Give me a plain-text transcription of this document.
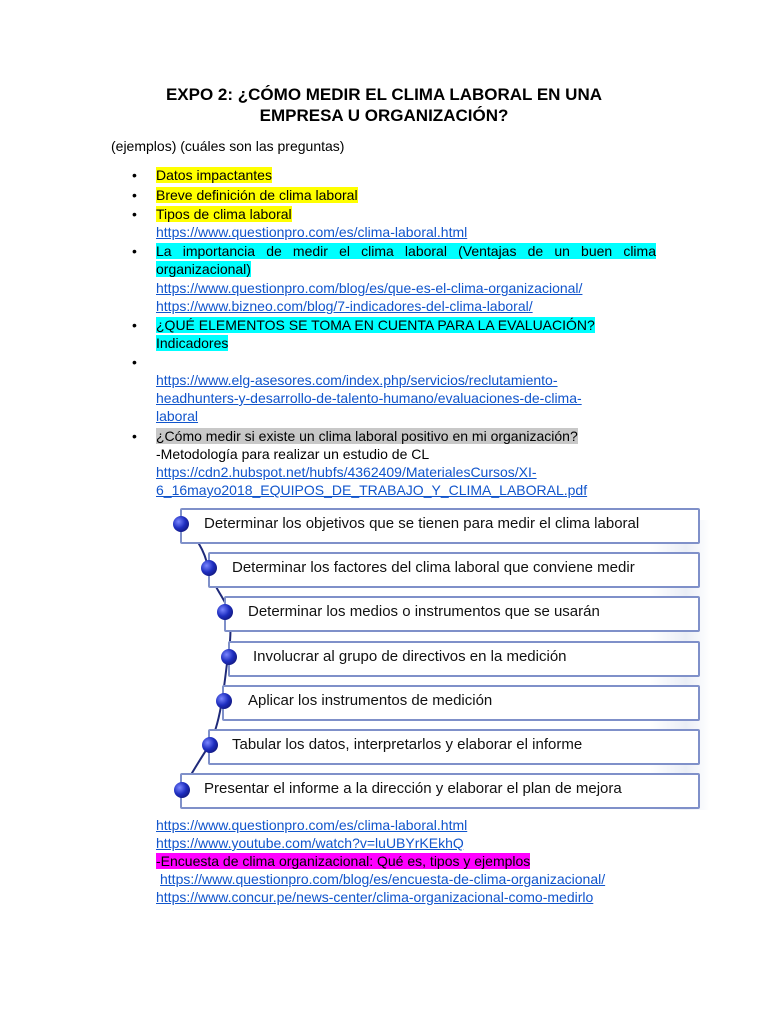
EXPO 2: ¿CÓMO MEDIR EL CLIMA LABORAL EN UNA
EMPRESA U ORGANIZACIÓN?
(ejemplos) (cuáles son las preguntas)
• Datos impactantes
• Breve definición de clima laboral
• Tipos de clima laboral
https://www.questionpro.com/es/clima-laboral.html
• La importancia de medir el clima laboral (Ventajas de un buen clima
organizacional)
https://www.questionpro.com/blog/es/que-es-el-clima-organizacional/
https://www.bizneo.com/blog/7-indicadores-del-clima-laboral/
• ¿QUÉ ELEMENTOS SE TOMA EN CUENTA PARA LA EVALUACIÓN?
Indicadores
•
https://www.elg-asesores.com/index.php/servicios/reclutamiento-
headhunters-y-desarrollo-de-talento-humano/evaluaciones-de-clima-
laboral
• ¿Cómo medir si existe un clima laboral positivo en mi organización?
-Metodología para realizar un estudio de CL
https://cdn2.hubspot.net/hubfs/4362409/MaterialesCursos/XI-
6_16mayo2018_EQUIPOS_DE_TRABAJO_Y_CLIMA_LABORAL.pdf
Determinar los objetivos que se tienen para medir el clima laboral
Determinar los factores del clima laboral que conviene medir
Determinar los medios o instrumentos que se usarán
Involucrar al grupo de directivos en la medición
Aplicar los instrumentos de medición
Tabular los datos, interpretarlos y elaborar el informe
Presentar el informe a la dirección y elaborar el plan de mejora
https://www.questionpro.com/es/clima-laboral.html
https://www.youtube.com/watch?v=luUBYrKEkhQ
-Encuesta de clima organizacional: Qué es, tipos y ejemplos
https://www.questionpro.com/blog/es/encuesta-de-clima-organizacional/
https://www.concur.pe/news-center/clima-organizacional-como-medirlo
